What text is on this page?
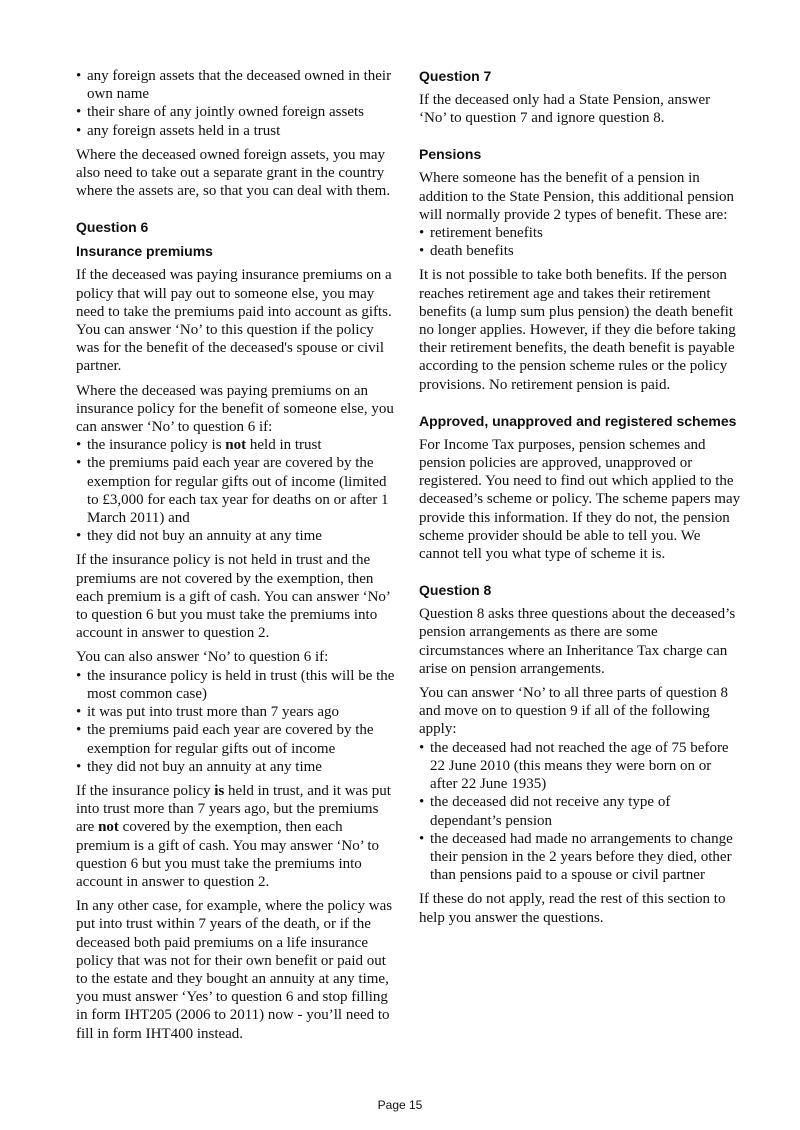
• any foreign assets that the deceased owned in their own name
• their share of any jointly owned foreign assets
• any foreign assets held in a trust

Where the deceased owned foreign assets, you may also need to take out a separate grant in the country where the assets are, so that you can deal with them.

Question 6
Insurance premiums

If the deceased was paying insurance premiums on a policy that will pay out to someone else, you may need to take the premiums paid into account as gifts. You can answer ‘No’ to this question if the policy was for the benefit of the deceased's spouse or civil partner.

Where the deceased was paying premiums on an insurance policy for the benefit of someone else, you can answer ‘No’ to question 6 if:

• the insurance policy is not held in trust
• the premiums paid each year are covered by the exemption for regular gifts out of income (limited to £3,000 for each tax year for deaths on or after 1 March 2011) and
• they did not buy an annuity at any time

If the insurance policy is not held in trust and the premiums are not covered by the exemption, then each premium is a gift of cash. You can answer ‘No’ to question 6 but you must take the premiums into account in answer to question 2.

You can also answer ‘No’ to question 6 if:

• the insurance policy is held in trust (this will be the most common case)
• it was put into trust more than 7 years ago
• the premiums paid each year are covered by the exemption for regular gifts out of income
• they did not buy an annuity at any time

If the insurance policy is held in trust, and it was put into trust more than 7 years ago, but the premiums are not covered by the exemption, then each premium is a gift of cash. You may answer ‘No’ to question 6 but you must take the premiums into account in answer to question 2.

In any other case, for example, where the policy was put into trust within 7 years of the death, or if the deceased both paid premiums on a life insurance policy that was not for their own benefit or paid out to the estate and they bought an annuity at any time, you must answer ‘Yes’ to question 6 and stop filling in form IHT205 (2006 to 2011) now - you’ll need to fill in form IHT400 instead.

Question 7

If the deceased only had a State Pension, answer ‘No’ to question 7 and ignore question 8.

Pensions

Where someone has the benefit of a pension in addition to the State Pension, this additional pension will normally provide 2 types of benefit. These are:

• retirement benefits
• death benefits

It is not possible to take both benefits. If the person reaches retirement age and takes their retirement benefits (a lump sum plus pension) the death benefit no longer applies. However, if they die before taking their retirement benefits, the death benefit is payable according to the pension scheme rules or the policy provisions. No retirement pension is paid.

Approved, unapproved and registered schemes

For Income Tax purposes, pension schemes and pension policies are approved, unapproved or registered. You need to find out which applied to the deceased’s scheme or policy. The scheme papers may provide this information. If they do not, the pension scheme provider should be able to tell you. We cannot tell you what type of scheme it is.

Question 8

Question 8 asks three questions about the deceased’s pension arrangements as there are some circumstances where an Inheritance Tax charge can arise on pension arrangements.

You can answer ‘No’ to all three parts of question 8 and move on to question 9 if all of the following apply:

• the deceased had not reached the age of 75 before 22 June 2010 (this means they were born on or after 22 June 1935)
• the deceased did not receive any type of dependant’s pension
• the deceased had made no arrangements to change their pension in the 2 years before they died, other than pensions paid to a spouse or civil partner

If these do not apply, read the rest of this section to help you answer the questions.

Page 15
